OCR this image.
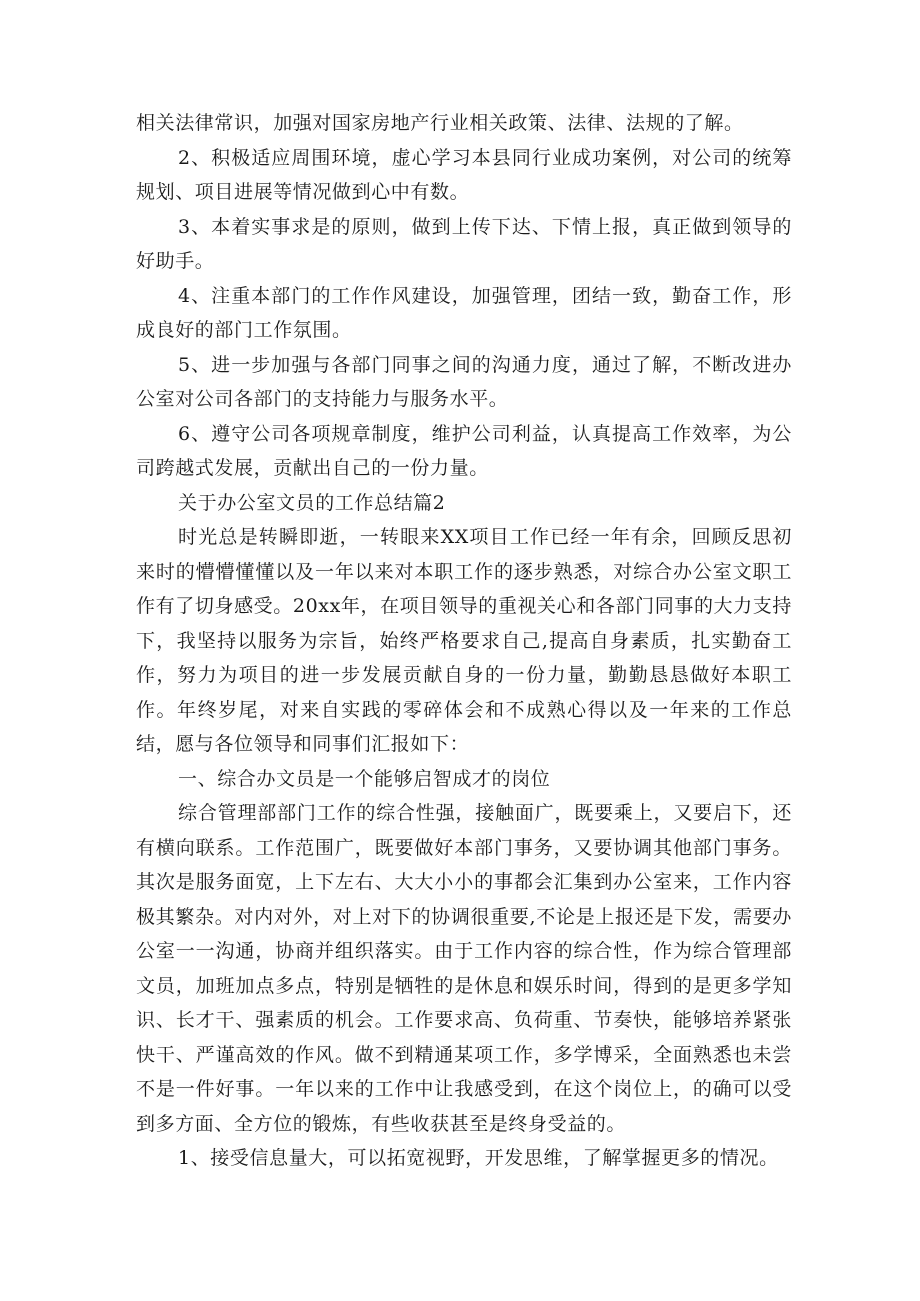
相关法律常识，加强对国家房地产行业相关政策、法律、法规的了解。

2、积极适应周围环境，虚心学习本县同行业成功案例，对公司的统筹规划、项目进展等情况做到心中有数。

3、本着实事求是的原则，做到上传下达、下情上报，真正做到领导的好助手。

4、注重本部门的工作作风建设，加强管理，团结一致，勤奋工作，形成良好的部门工作氛围。

5、进一步加强与各部门同事之间的沟通力度，通过了解，不断改进办公室对公司各部门的支持能力与服务水平。

6、遵守公司各项规章制度，维护公司利益，认真提高工作效率，为公司跨越式发展，贡献出自己的一份力量。

关于办公室文员的工作总结篇2

时光总是转瞬即逝，一转眼来XX项目工作已经一年有余，回顾反思初来时的懵懵懂懂以及一年以来对本职工作的逐步熟悉，对综合办公室文职工作有了切身感受。20xx年，在项目领导的重视关心和各部门同事的大力支持下，我坚持以服务为宗旨，始终严格要求自己,提高自身素质，扎实勤奋工作，努力为项目的进一步发展贡献自身的一份力量，勤勤恳恳做好本职工作。年终岁尾，对来自实践的零碎体会和不成熟心得以及一年来的工作总结，愿与各位领导和同事们汇报如下：

一、综合办文员是一个能够启智成才的岗位

综合管理部部门工作的综合性强，接触面广，既要乘上，又要启下，还有横向联系。工作范围广，既要做好本部门事务，又要协调其他部门事务。其次是服务面宽，上下左右、大大小小的事都会汇集到办公室来，工作内容极其繁杂。对内对外，对上对下的协调很重要,不论是上报还是下发，需要办公室一一沟通，协商并组织落实。由于工作内容的综合性，作为综合管理部文员，加班加点多点，特别是牺牲的是休息和娱乐时间，得到的是更多学知识、长才干、强素质的机会。工作要求高、负荷重、节奏快，能够培养紧张快干、严谨高效的作风。做不到精通某项工作，多学博采，全面熟悉也未尝不是一件好事。一年以来的工作中让我感受到，在这个岗位上，的确可以受到多方面、全方位的锻炼，有些收获甚至是终身受益的。

1、接受信息量大，可以拓宽视野，开发思维，了解掌握更多的情况。
